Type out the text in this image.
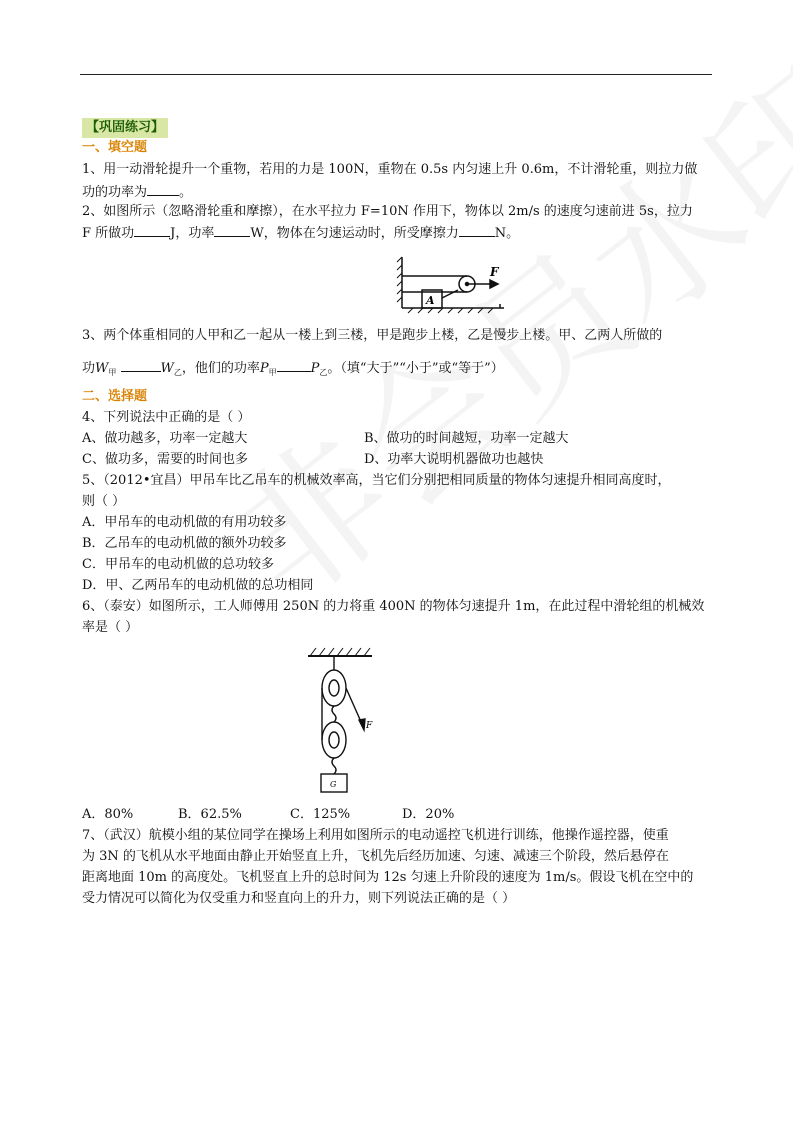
【巩固练习】
一、填空题
1、用一动滑轮提升一个重物，若用的力是 100N，重物在 0.5s 内匀速上升 0.6m，不计滑轮重，则拉力做
功的功率为 。
2、如图所示（忽略滑轮重和摩擦），在水平拉力 F=10N 作用下，物体以 2m/s 的速度匀速前进 5s，拉力
F 所做功	J，功率	W，物体在匀速运动时，所受摩擦力	N。
A
F
3、两个体重相同的人甲和乙一起从一楼上到三楼，甲是跑步上楼，乙是慢步上楼。甲、乙两人所做的
功$W_甲$	$W_乙$，他们的功率$P_甲$	$P_乙$。（填“大于”“小于”或“等于”）
二、选择题
4、下列说法中正确的是（ ）
A、做功越多，功率一定越大	B、做功的时间越短，功率一定越大
C、做功多，需要的时间也多	D、功率大说明机器做功也越快
5、（2012•宜昌）甲吊车比乙吊车的机械效率高，当它们分别把相同质量的物体匀速提升相同高度时，
则（ ）
A．甲吊车的电动机做的有用功较多
B．乙吊车的电动机做的额外功较多
C．甲吊车的电动机做的总功较多
D．甲、乙两吊车的电动机做的总功相同
6、（泰安）如图所示，工人师傅用 250N 的力将重 400N 的物体匀速提升 1m，在此过程中滑轮组的机械效
率是（ ）
F
G
A．80%	B．62.5%	C．125%	D．20%
7、（武汉）航模小组的某位同学在操场上利用如图所示的电动遥控飞机进行训练，他操作遥控器，使重
为 3N 的飞机从水平地面由静止开始竖直上升，飞机先后经历加速、匀速、减速三个阶段，然后悬停在
距离地面 10m 的高度处。飞机竖直上升的总时间为 12s 匀速上升阶段的速度为 1m/s。假设飞机在空中的
受力情况可以简化为仅受重力和竖直向上的升力，则下列说法正确的是（ ）
